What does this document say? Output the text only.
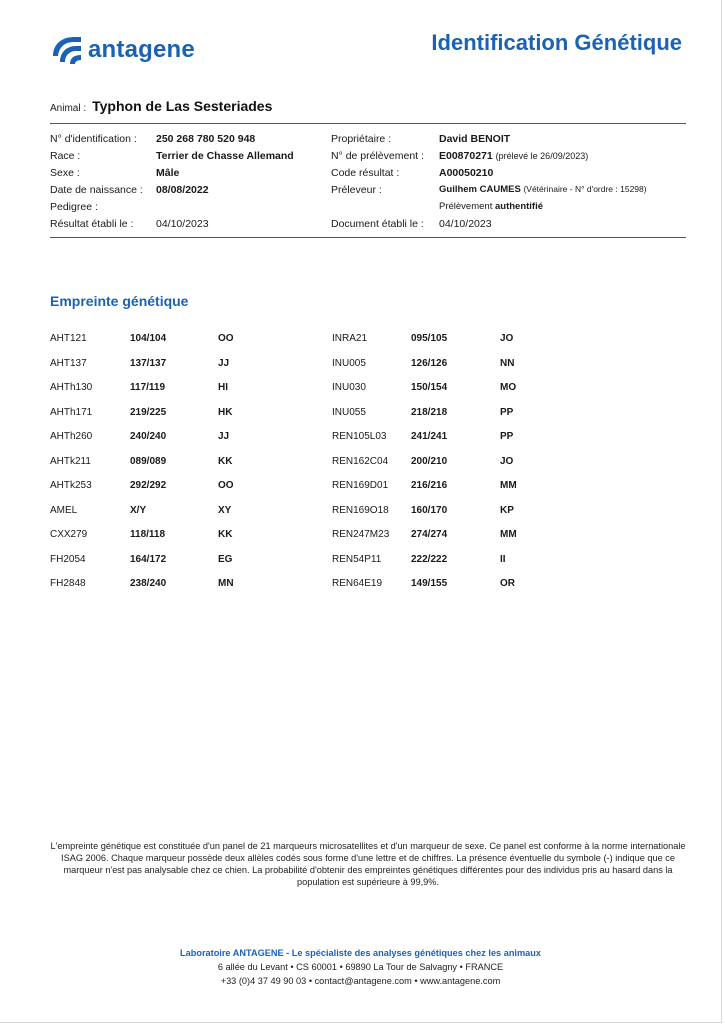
antagene	Identification Génétique
Animal : Typhon de Las Sesteriades
N° d'identification : 250 268 780 520 948	Propriétaire :	David BENOIT
Race :	Terrier de Chasse Allemand	N° de prélèvement : E00870271 (prélevé le 26/09/2023)
Sexe :	Mâle	Code résultat :	A00050210
Date de naissance : 08/08/2022	Préleveur :	Guilhem CAUMES (Vétérinaire - N° d'ordre : 15298)
Pedigree :	Prélèvement authentifié
Résultat établi le : 04/10/2023	Document établi le : 04/10/2023
Empreinte génétique
AHT121	104/104	OO	INRA21	095/105	JO
AHT137	137/137	JJ	INU005	126/126	NN
AHTh130	117/119	HI	INU030	150/154	MO
AHTh171	219/225	HK	INU055	218/218	PP
AHTh260	240/240	JJ	REN105L03 241/241	PP
AHTk211	089/089	KK	REN162C04 200/210	JO
AHTk253	292/292	OO	REN169D01 216/216	MM
AMEL	X/Y	XY	REN169O18 160/170	KP
CXX279	118/118	KK	REN247M23 274/274	MM
FH2054	164/172	EG	REN54P11	222/222	II
FH2848	238/240	MN	REN64E19	149/155	OR
L'empreinte génétique est constituée d'un panel de 21 marqueurs microsatellites et d'un marqueur de sexe. Ce panel est conforme à la norme internationale ISAG 2006. Chaque marqueur possède deux allèles codés sous forme d'une lettre et de chiffres. La présence éventuelle du symbole (-) indique que ce marqueur n'est pas analysable chez ce chien. La probabilité d'obtenir des empreintes génétiques différentes pour des individus pris au hasard dans la population est supérieure à 99,9%.
Laboratoire ANTAGENE - Le spécialiste des analyses génétiques chez les animaux
6 allée du Levant • CS 60001 • 69890 La Tour de Salvagny • FRANCE
+33 (0)4 37 49 90 03 • contact@antagene.com • www.antagene.com
